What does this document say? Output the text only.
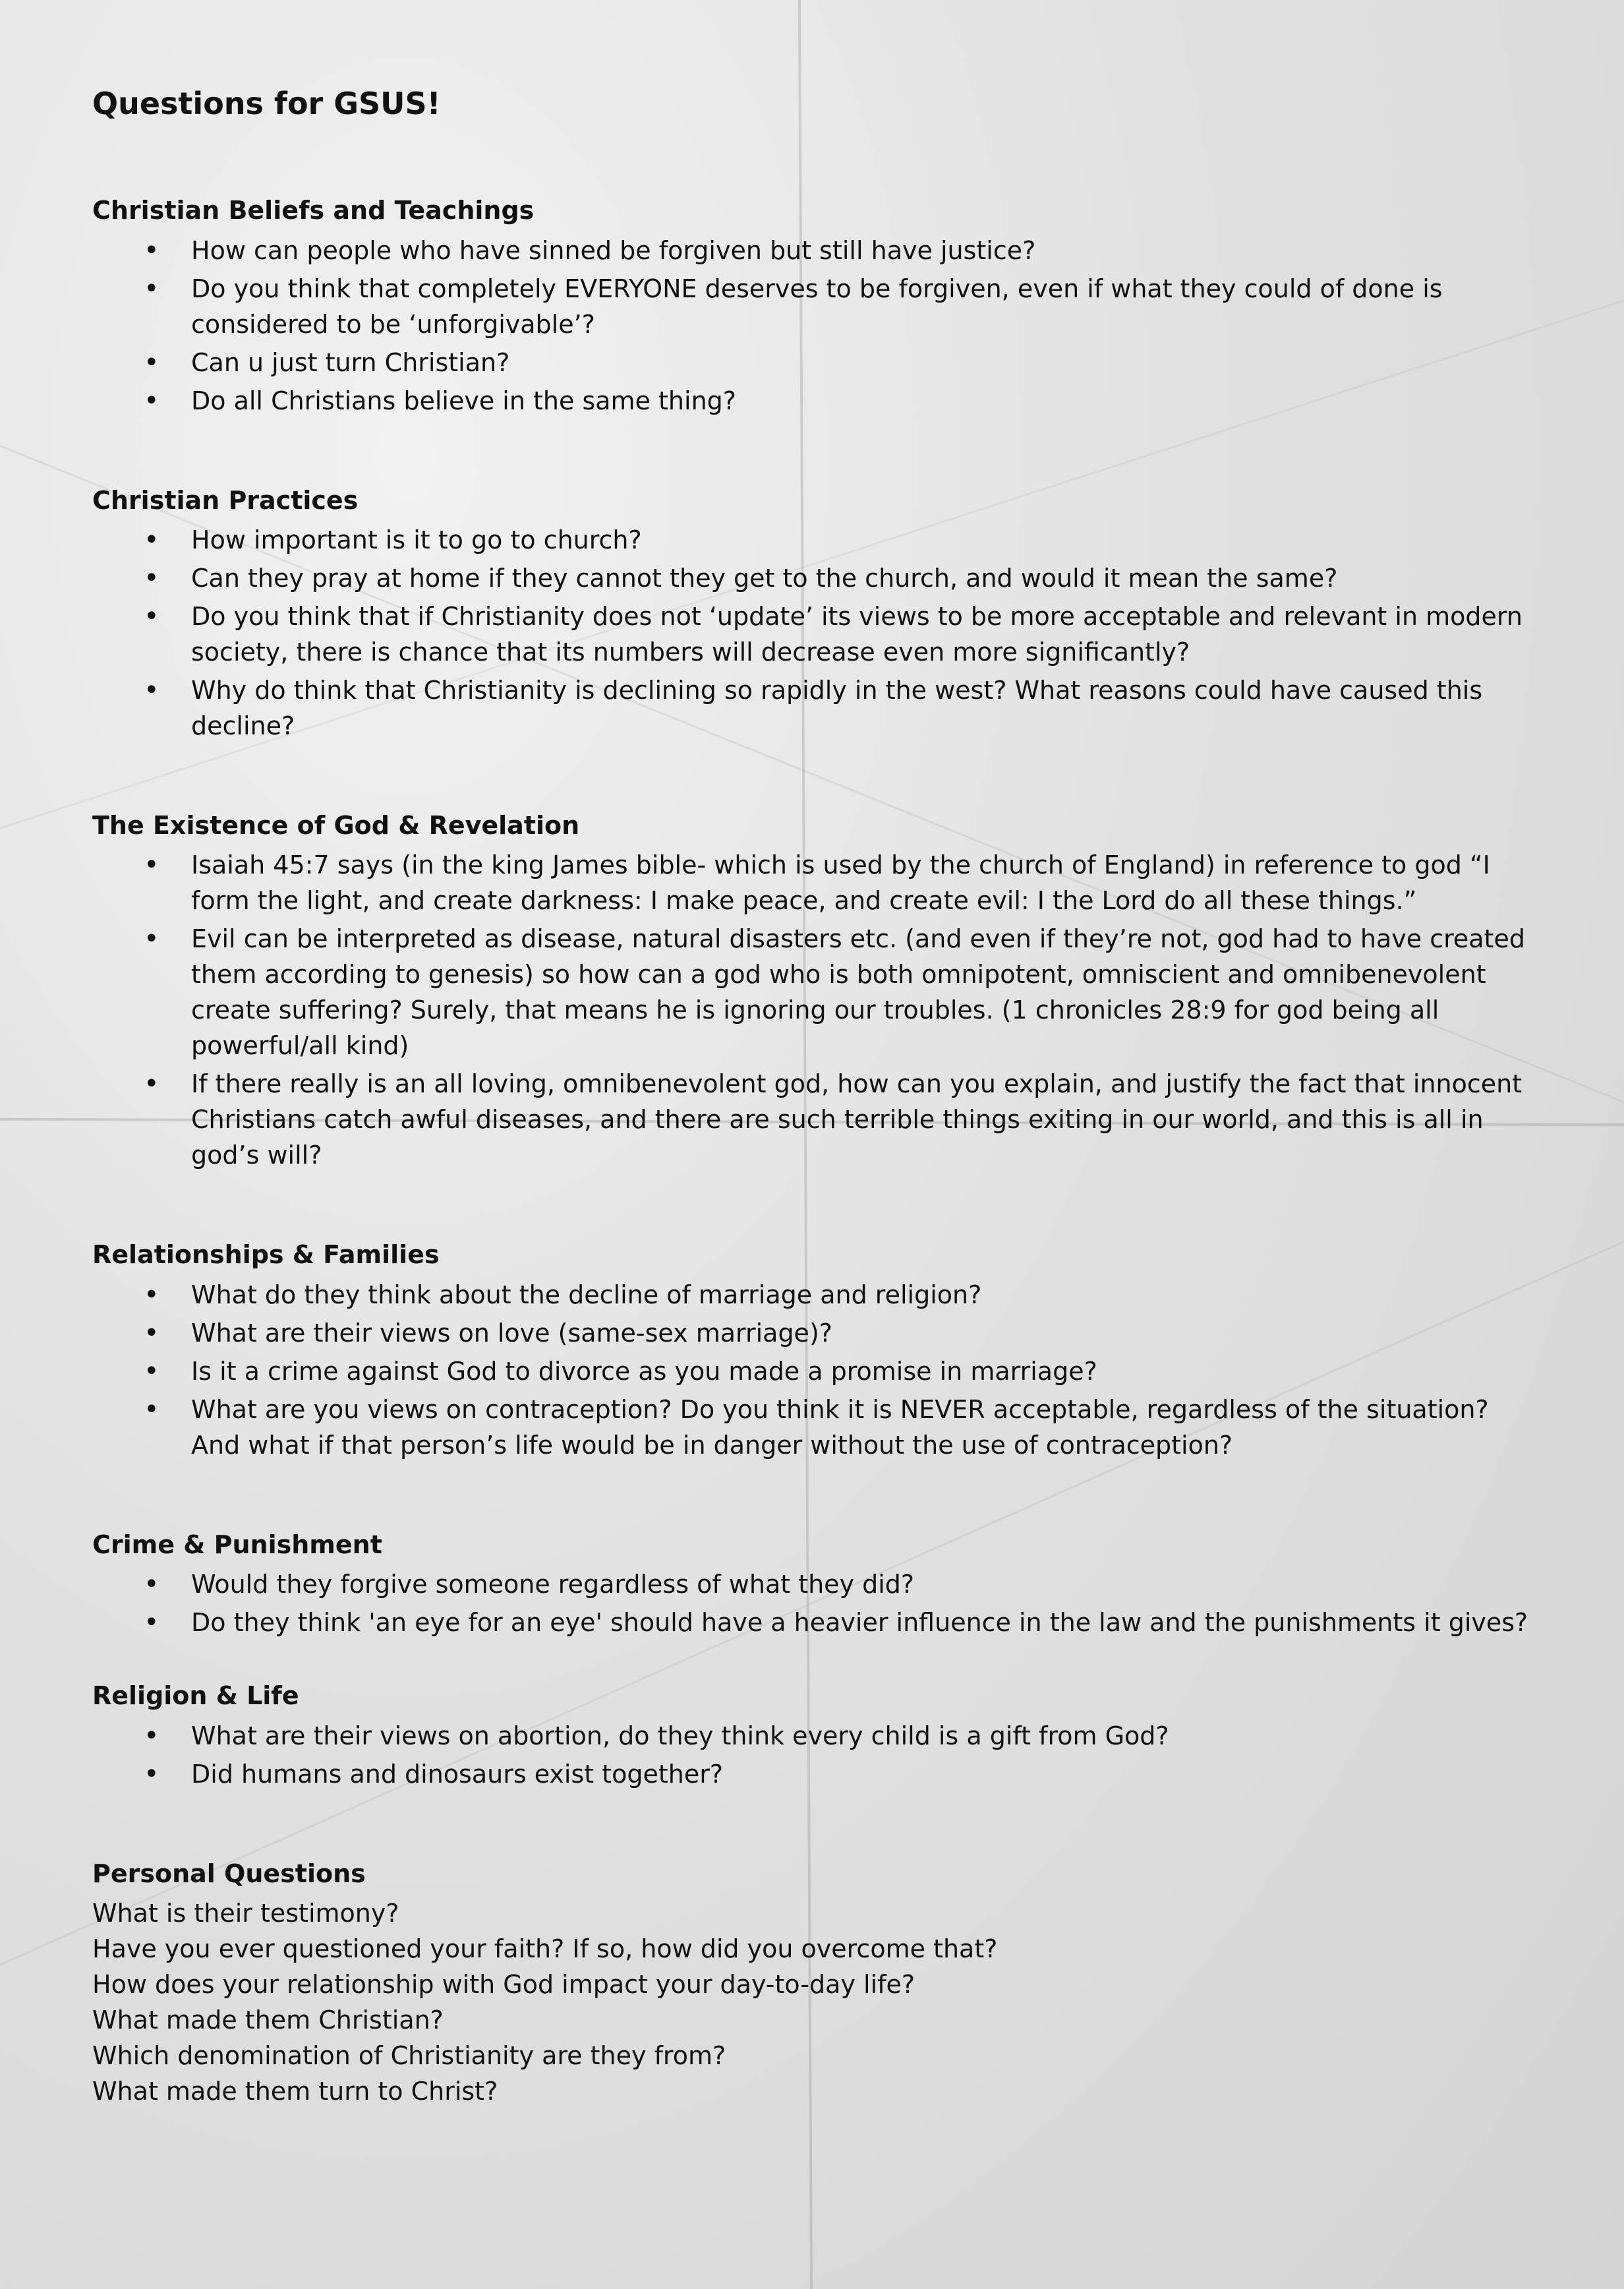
Questions for GSUS!
Christian Beliefs and Teachings
• How can people who have sinned be forgiven but still have justice?
• Do you think that completely EVERYONE deserves to be forgiven, even if what they could of done is considered to be ‘unforgivable’?
• Can u just turn Christian?
• Do all Christians believe in the same thing?
Christian Practices
• How important is it to go to church?
• Can they pray at home if they cannot they get to the church, and would it mean the same?
• Do you think that if Christianity does not ‘update’ its views to be more acceptable and relevant in modern society, there is chance that its numbers will decrease even more significantly?
• Why do think that Christianity is declining so rapidly in the west? What reasons could have caused this decline?
The Existence of God & Revelation
• Isaiah 45:7 says (in the king James bible- which is used by the church of England) in reference to god “I form the light, and create darkness: I make peace, and create evil: I the Lord do all these things.”
• Evil can be interpreted as disease, natural disasters etc. (and even if they’re not, god had to have created them according to genesis) so how can a god who is both omnipotent, omniscient and omnibenevolent create suffering? Surely, that means he is ignoring our troubles. (1 chronicles 28:9 for god being all powerful/all kind)
• If there really is an all loving, omnibenevolent god, how can you explain, and justify the fact that innocent Christians catch awful diseases, and there are such terrible things exiting in our world, and this is all in god’s will?
Relationships & Families
• What do they think about the decline of marriage and religion?
• What are their views on love (same-sex marriage)?
• Is it a crime against God to divorce as you made a promise in marriage?
• What are you views on contraception? Do you think it is NEVER acceptable, regardless of the situation? And what if that person’s life would be in danger without the use of contraception?
Crime & Punishment
• Would they forgive someone regardless of what they did?
• Do they think 'an eye for an eye' should have a heavier influence in the law and the punishments it gives?
Religion & Life
• What are their views on abortion, do they think every child is a gift from God?
• Did humans and dinosaurs exist together?
Personal Questions
What is their testimony?
Have you ever questioned your faith? If so, how did you overcome that?
How does your relationship with God impact your day-to-day life?
What made them Christian?
Which denomination of Christianity are they from?
What made them turn to Christ?
